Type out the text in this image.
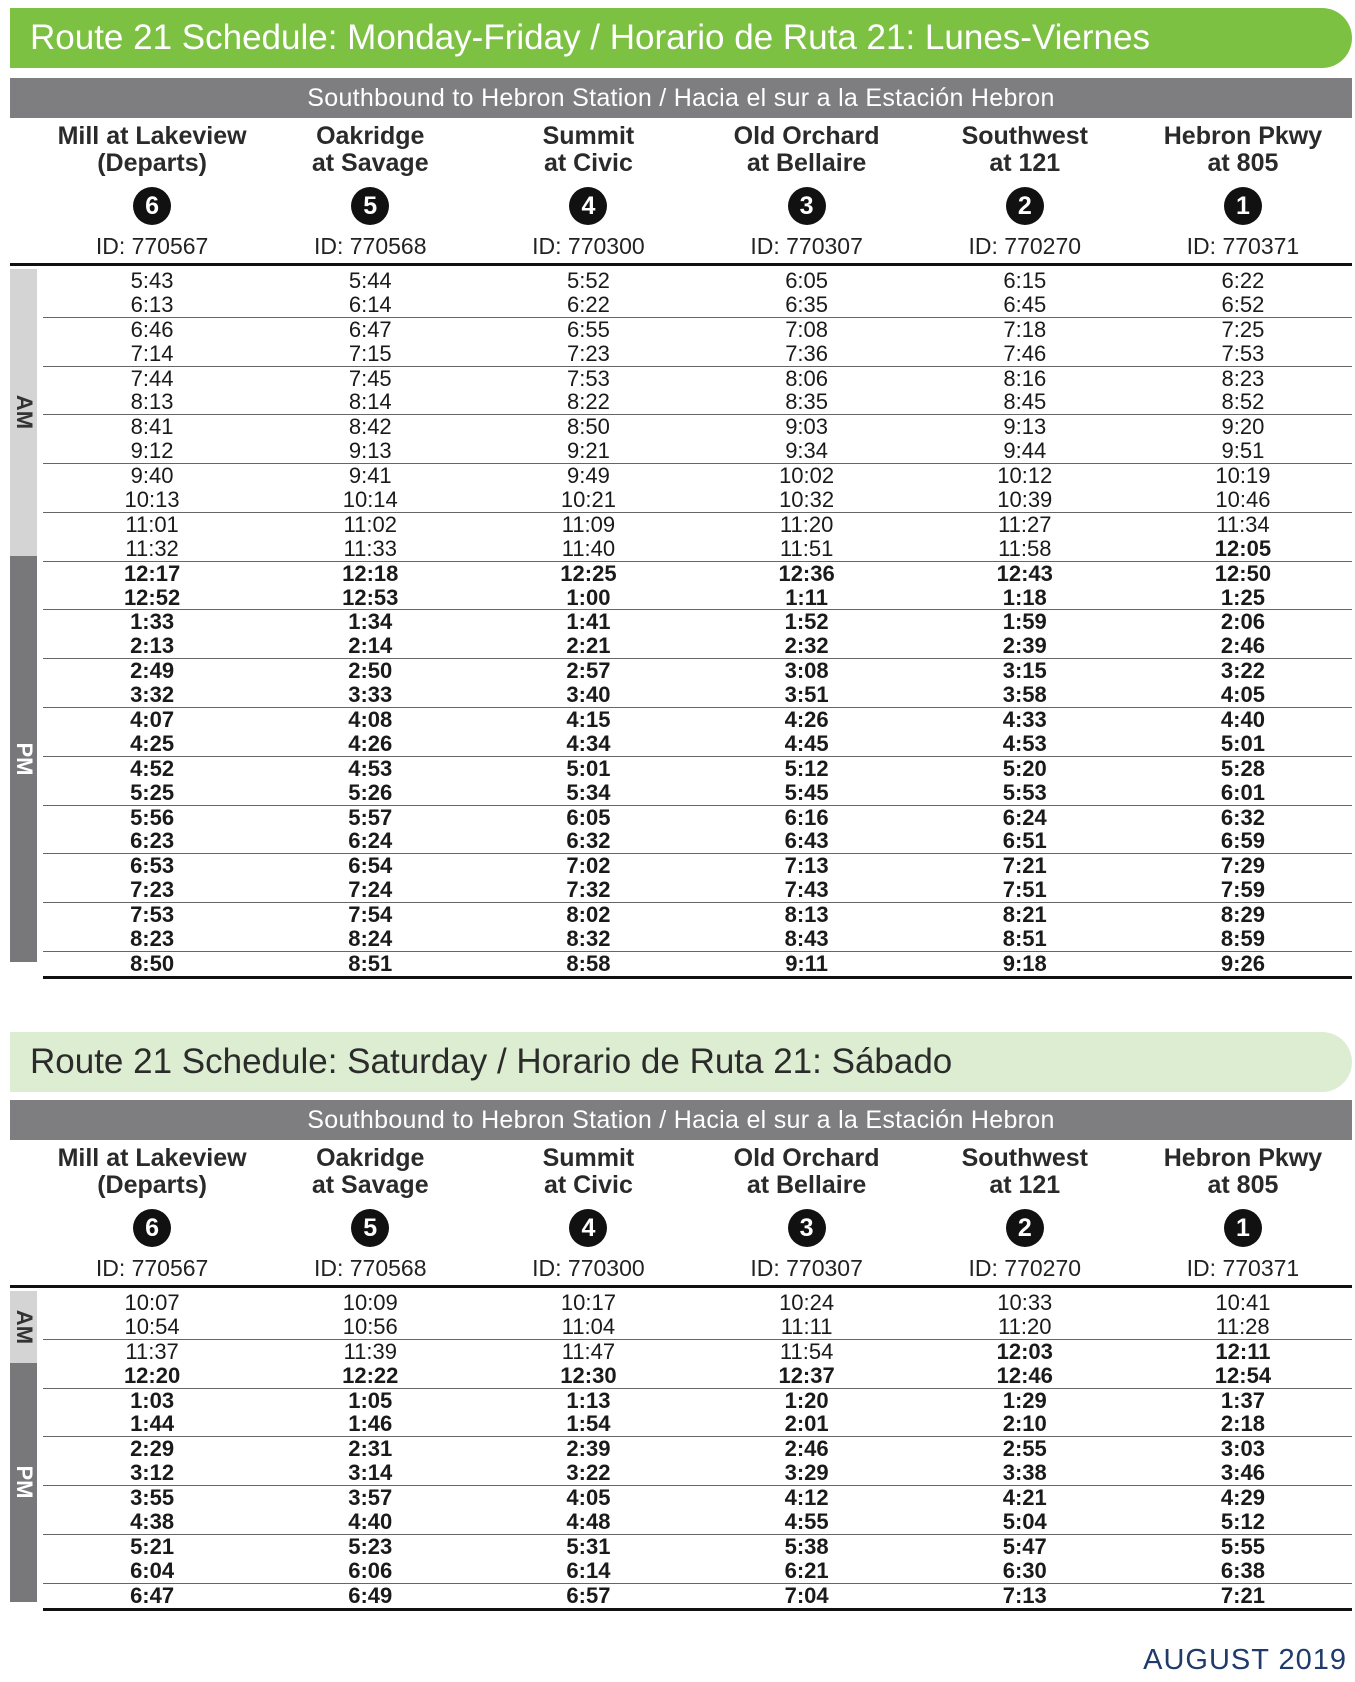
Route 21 Schedule: Monday-Friday / Horario de Ruta 21: Lunes-Viernes
Southbound to Hebron Station / Hacia el sur a la Estación Hebron
Mill at Lakeview
(Departs)
6
ID: 770567
Oakridge
at Savage
5
ID: 770568
Summit
at Civic
4
ID: 770300
Old Orchard
at Bellaire
3
ID: 770307
Southwest
at 121
2
ID: 770270
Hebron Pkwy
at 805
1
ID: 770371
AM
PM
5:43	5:44	5:52	6:05	6:15	6:22
6:13	6:14	6:22	6:35	6:45	6:52
6:46	6:47	6:55	7:08	7:18	7:25
7:14	7:15	7:23	7:36	7:46	7:53
7:44	7:45	7:53	8:06	8:16	8:23
8:13	8:14	8:22	8:35	8:45	8:52
8:41	8:42	8:50	9:03	9:13	9:20
9:12	9:13	9:21	9:34	9:44	9:51
9:40	9:41	9:49	10:02	10:12	10:19
10:13	10:14	10:21	10:32	10:39	10:46
11:01	11:02	11:09	11:20	11:27	11:34
11:32	11:33	11:40	11:51	11:58	12:05
12:17	12:18	12:25	12:36	12:43	12:50
12:52	12:53	1:00	1:11	1:18	1:25
1:33	1:34	1:41	1:52	1:59	2:06
2:13	2:14	2:21	2:32	2:39	2:46
2:49	2:50	2:57	3:08	3:15	3:22
3:32	3:33	3:40	3:51	3:58	4:05
4:07	4:08	4:15	4:26	4:33	4:40
4:25	4:26	4:34	4:45	4:53	5:01
4:52	4:53	5:01	5:12	5:20	5:28
5:25	5:26	5:34	5:45	5:53	6:01
5:56	5:57	6:05	6:16	6:24	6:32
6:23	6:24	6:32	6:43	6:51	6:59
6:53	6:54	7:02	7:13	7:21	7:29
7:23	7:24	7:32	7:43	7:51	7:59
7:53	7:54	8:02	8:13	8:21	8:29
8:23	8:24	8:32	8:43	8:51	8:59
8:50	8:51	8:58	9:11	9:18	9:26
Route 21 Schedule: Saturday / Horario de Ruta 21: Sábado
Southbound to Hebron Station / Hacia el sur a la Estación Hebron
Mill at Lakeview
(Departs)
6
ID: 770567
Oakridge
at Savage
5
ID: 770568
Summit
at Civic
4
ID: 770300
Old Orchard
at Bellaire
3
ID: 770307
Southwest
at 121
2
ID: 770270
Hebron Pkwy
at 805
1
ID: 770371
AM
PM
10:07	10:09	10:17	10:24	10:33	10:41
10:54	10:56	11:04	11:11	11:20	11:28
11:37	11:39	11:47	11:54	12:03	12:11
12:20	12:22	12:30	12:37	12:46	12:54
1:03	1:05	1:13	1:20	1:29	1:37
1:44	1:46	1:54	2:01	2:10	2:18
2:29	2:31	2:39	2:46	2:55	3:03
3:12	3:14	3:22	3:29	3:38	3:46
3:55	3:57	4:05	4:12	4:21	4:29
4:38	4:40	4:48	4:55	5:04	5:12
5:21	5:23	5:31	5:38	5:47	5:55
6:04	6:06	6:14	6:21	6:30	6:38
6:47	6:49	6:57	7:04	7:13	7:21
AUGUST 2019
